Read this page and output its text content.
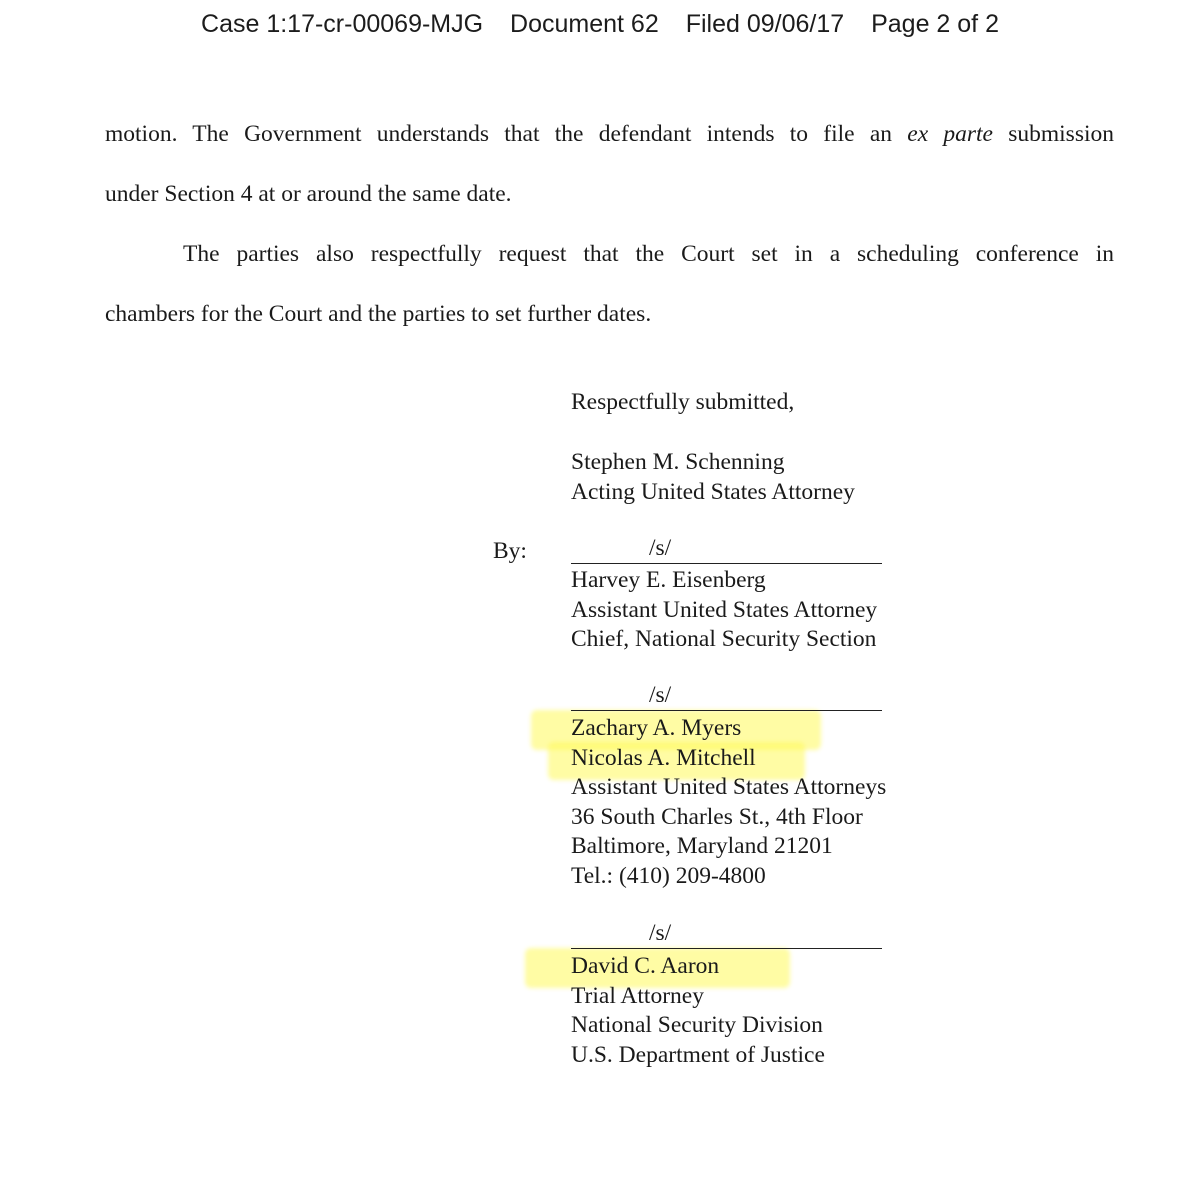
Case 1:17-cr-00069-MJG Document 62 Filed 09/06/17 Page 2 of 2

motion. The Government understands that the defendant intends to file an ex parte submission

under Section 4 at or around the same date.

The parties also respectfully request that the Court set in a scheduling conference in

chambers for the Court and the parties to set further dates.

Respectfully submitted,
Stephen M. Schenning
Acting United States Attorney
By:	/s/
Harvey E. Eisenberg
Assistant United States Attorney
Chief, National Security Section
/s/
Zachary A. Myers
Nicolas A. Mitchell
Assistant United States Attorneys
36 South Charles St., 4th Floor
Baltimore, Maryland 21201
Tel.: (410) 209-4800
/s/
David C. Aaron
Trial Attorney
National Security Division
U.S. Department of Justice
